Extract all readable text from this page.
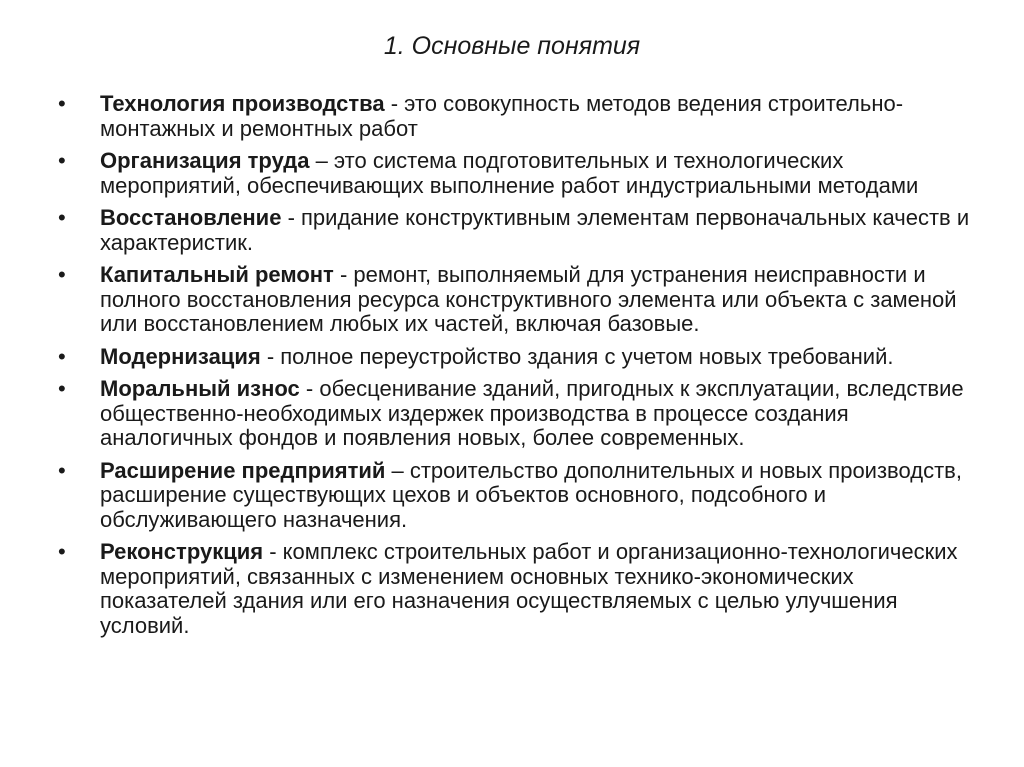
1. Основные понятия
• Технология производства - это совокупность методов ведения строительно-монтажных и ремонтных работ
• Организация труда – это система подготовительных и технологических мероприятий, обеспечивающих выполнение работ индустриальными методами
• Восстановление - придание конструктивным элементам первоначальных качеств и характеристик.
• Капитальный ремонт - ремонт, выполняемый для устранения неисправности и полного восстановления ресурса конструктивного элемента или объекта с заменой или восстановлением любых их частей, включая базовые.
• Модернизация - полное переустройство здания с учетом новых требований.
• Моральный износ - обесценивание зданий, пригодных к эксплуатации, вследствие общественно-необходимых издержек производства в процессе создания аналогичных фондов и появления новых, более современных.
• Расширение предприятий – строительство дополнительных и новых производств, расширение существующих цехов и объектов основного, подсобного и обслуживающего назначения.
• Реконструкция - комплекс строительных работ и организационно-технологических мероприятий, связанных с изменением основных технико-экономических показателей здания или его назначения осуществляемых с целью улучшения условий.
